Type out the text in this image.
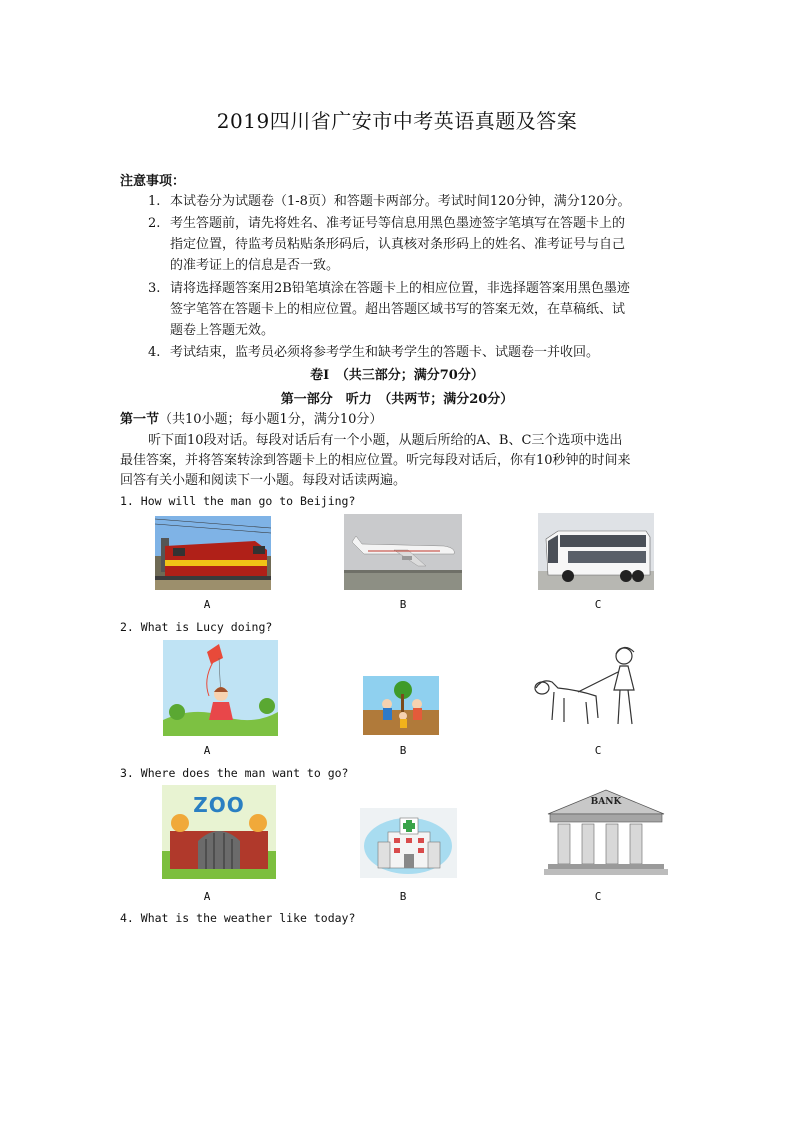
2019四川省广安市中考英语真题及答案
注意事项：
1. 本试卷分为试题卷（1-8页）和答题卡两部分。考试时间120分钟，满分120分。
2. 考生答题前，请先将姓名、准考证号等信息用黑色墨迹签字笔填写在答题卡上的
指定位置，待监考员粘贴条形码后，认真核对条形码上的姓名、准考证号与自己
的准考证上的信息是否一致。
3. 请将选择题答案用2B铅笔填涂在答题卡上的相应位置，非选择题答案用黑色墨迹
签字笔答在答题卡上的相应位置。超出答题区域书写的答案无效，在草稿纸、试
题卷上答题无效。
4. 考试结束，监考员必须将参考学生和缺考学生的答题卡、试题卷一并收回。
卷Ⅰ　（共三部分；满分70分）
第一部分　听力　（共两节；满分20分）
第一节（共10小题；每小题1分，满分10分）
听下面10段对话。每段对话后有一个小题，从题后所给的A、B、C三个选项中选出
最佳答案，并将答案转涂到答题卡上的相应位置。听完每段对话后，你有10秒钟的时间来
回答有关小题和阅读下一小题。每段对话读两遍。
1. How will the man go to Beijing?
A	B	C
2. What is Lucy doing?
A	B	C
3. Where does the man want to go?
ZOO
A	B
BANK
C
4. What is the weather like today?
